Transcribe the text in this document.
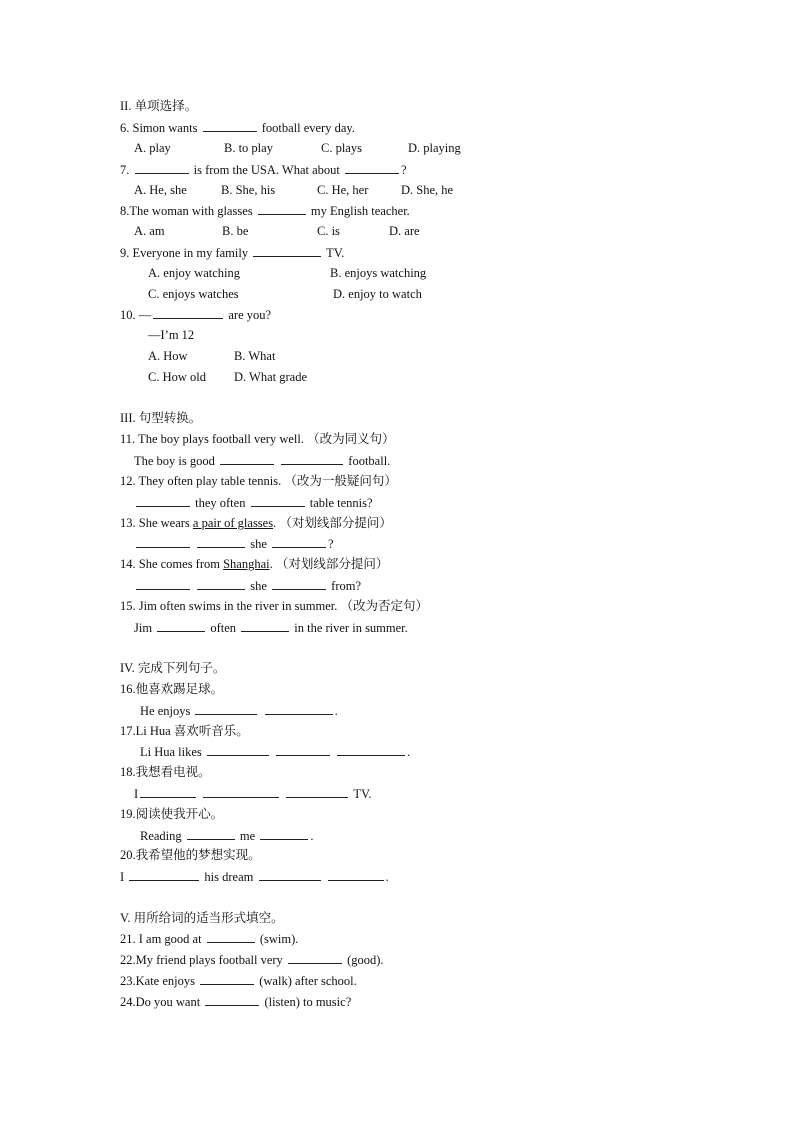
II. 单项选择。
6. Simon wants	football every day.

A. play

	B. to play

	C. plays

	D. playing

7.	is from the USA. What about	?

A. He, she

	B. She, his

	C. He, her

	D. She, he

8.The woman with glasses	my English teacher.

A. am

	B. be

	C. is

	D. are

9. Everyone in my family	TV.

A. enjoy watching

	B. enjoys watching

C. enjoys watches

	D. enjoy to watch

10. —	are you?
—I’m 12

A. How

	B. What

C. How old

D. What grade

III. 句型转换。
11. The boy plays football very well. （改为同义句）
The boy is good	football.
12. They often play table tennis. （改为一般疑问句）
they often	table tennis?
13. She wears a pair of glasses. （对划线部分提问）
she	?
14. She comes from Shanghai. （对划线部分提问）
she	from?
15. Jim often swims in the river in summer. （改为否定句）
Jim	often	in the river in summer.
IV. 完成下列句子。
16.他喜欢踢足球。
He enjoys	.
17.Li Hua 喜欢听音乐。
Li Hua likes	.
18.我想看电视。
I	TV.
19.阅读使我开心。
Reading	me	.
20.我希望他的梦想实现。
I	his dream	.
V. 用所给词的适当形式填空。
21. I am good at	(swim).
22.My friend plays football very	(good).
23.Kate enjoys	(walk) after school.
24.Do you want	(listen) to music?
